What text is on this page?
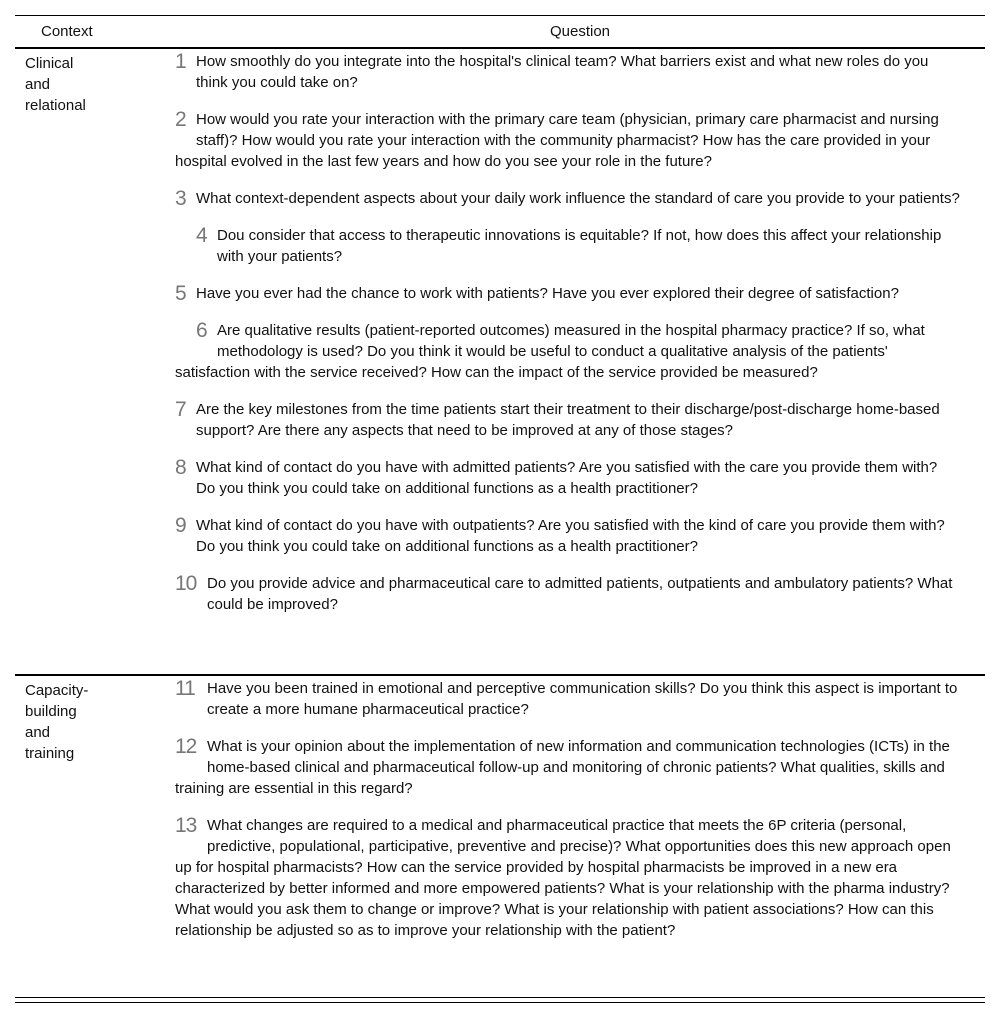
Context	Question
Clinical and relational
1 How smoothly do you integrate into the hospital's clinical team? What barriers exist and what new roles do you think you could take on?
2 How would you rate your interaction with the primary care team (physician, primary care pharmacist and nursing staff)? How would you rate your interaction with the community pharmacist? How has the care provided in your hospital evolved in the last few years and how do you see your role in the future?
3 What context-dependent aspects about your daily work influence the standard of care you provide to your patients?
4 Dou consider that access to therapeutic innovations is equitable? If not, how does this affect your relationship with your patients?
5 Have you ever had the chance to work with patients? Have you ever explored their degree of satisfaction?
6 Are qualitative results (patient-reported outcomes) measured in the hospital pharmacy practice? If so, what methodology is used? Do you think it would be useful to conduct a qualitative analysis of the patients' satisfaction with the service received? How can the impact of the service provided be measured?
7 Are the key milestones from the time patients start their treatment to their discharge/post-discharge home-based support? Are there any aspects that need to be improved at any of those stages?
8 What kind of contact do you have with admitted patients? Are you satisfied with the care you provide them with? Do you think you could take on additional functions as a health practitioner?
9 What kind of contact do you have with outpatients? Are you satisfied with the kind of care you provide them with? Do you think you could take on additional functions as a health practitioner?
10 Do you provide advice and pharmaceutical care to admitted patients, outpatients and ambulatory patients? What could be improved?
Capacity-building and training
11 Have you been trained in emotional and perceptive communication skills? Do you think this aspect is important to create a more humane pharmaceutical practice?
12 What is your opinion about the implementation of new information and communication technologies (ICTs) in the home-based clinical and pharmaceutical follow-up and monitoring of chronic patients? What qualities, skills and training are essential in this regard?
13 What changes are required to a medical and pharmaceutical practice that meets the 6P criteria (personal, predictive, populational, participative, preventive and precise)? What opportunities does this new approach open up for hospital pharmacists? How can the service provided by hospital pharmacists be improved in a new era characterized by better informed and more empowered patients? What is your relationship with the pharma industry? What would you ask them to change or improve? What is your relationship with patient associations? How can this relationship be adjusted so as to improve your relationship with the patient?
